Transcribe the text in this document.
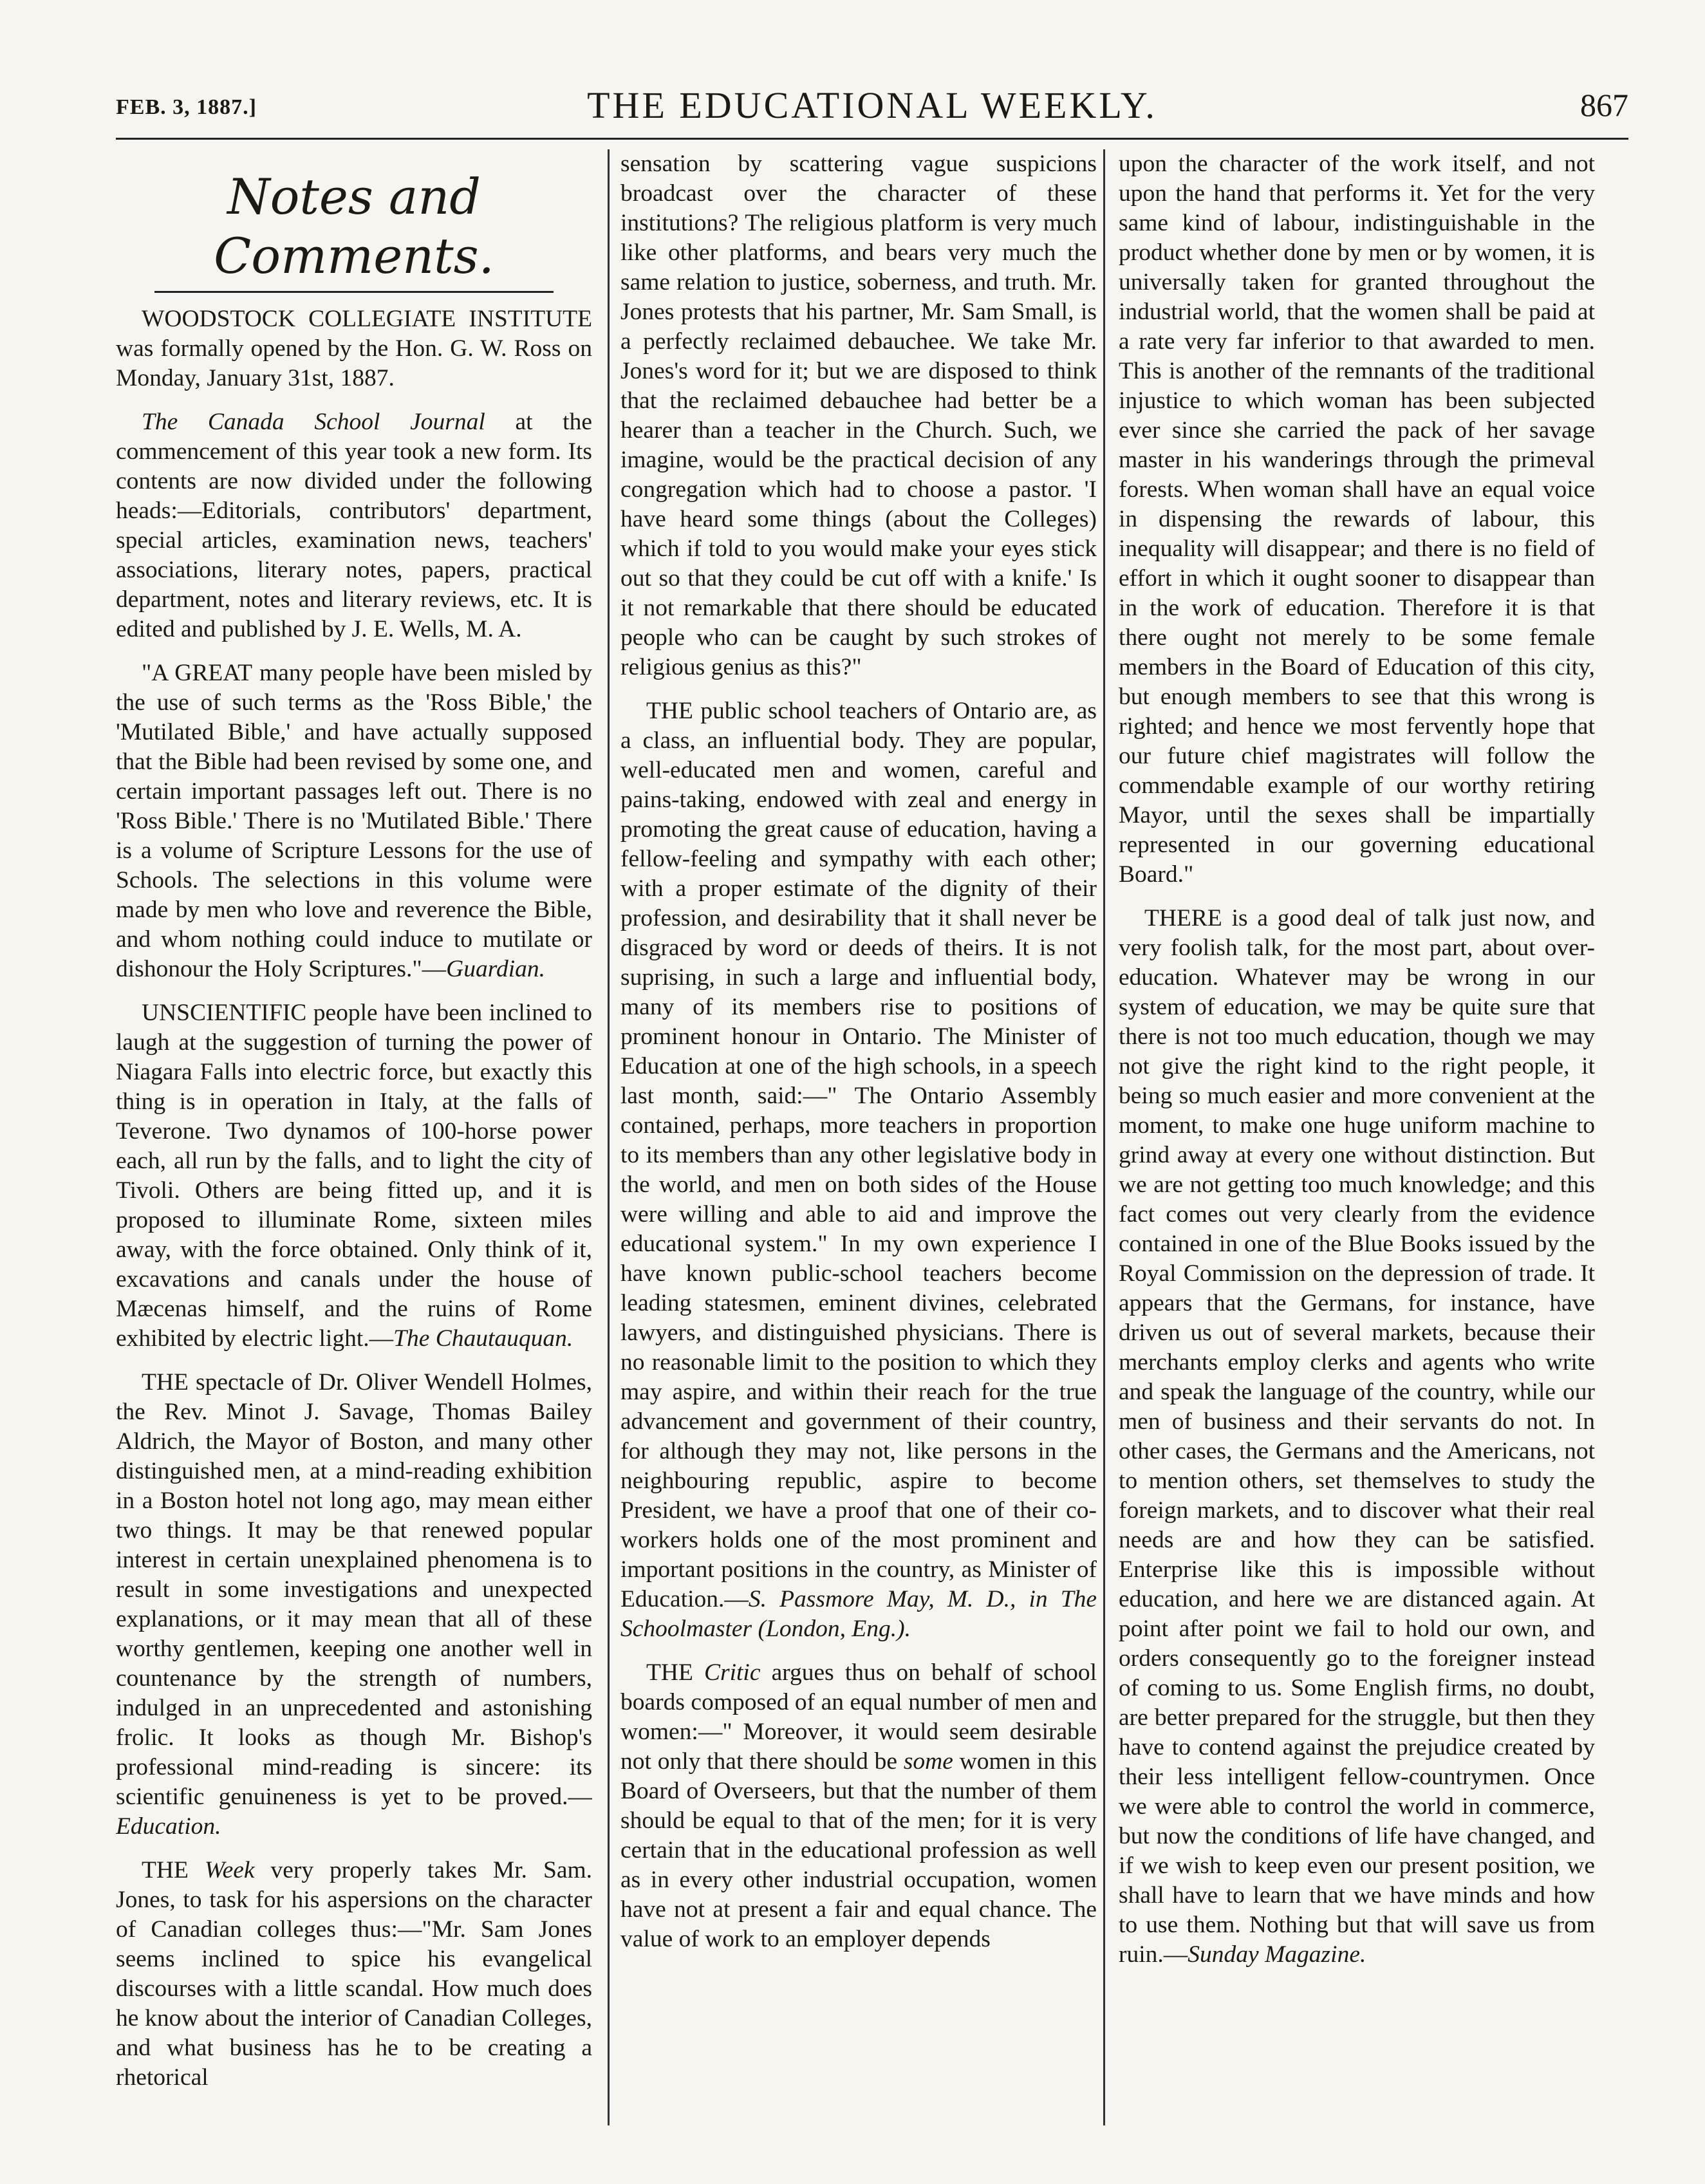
FEB. 3, 1887.]	THE EDUCATIONAL WEEKLY.	867
Notes and Comments.

WOODSTOCK COLLEGIATE INSTITUTE was formally opened by the Hon. G. W. Ross on Monday, January 31st, 1887.

The Canada School Journal at the commencement of this year took a new form. Its contents are now divided under the following heads:—Editorials, contributors' department, special articles, examination news, teachers' associations, literary notes, papers, practical department, notes and literary reviews, etc. It is edited and published by J. E. Wells, M. A.

"A GREAT many people have been misled by the use of such terms as the 'Ross Bible,' the 'Mutilated Bible,' and have actually supposed that the Bible had been revised by some one, and certain important passages left out. There is no 'Ross Bible.' There is no 'Mutilated Bible.' There is a volume of Scripture Lessons for the use of Schools. The selections in this volume were made by men who love and reverence the Bible, and whom nothing could induce to mutilate or dishonour the Holy Scriptures."—Guardian.

UNSCIENTIFIC people have been inclined to laugh at the suggestion of turning the power of Niagara Falls into electric force, but exactly this thing is in operation in Italy, at the falls of Teverone. Two dynamos of 100-horse power each, all run by the falls, and to light the city of Tivoli. Others are being fitted up, and it is proposed to illuminate Rome, sixteen miles away, with the force obtained. Only think of it, excavations and canals under the house of Mæcenas himself, and the ruins of Rome exhibited by electric light.—The Chautauquan.

THE spectacle of Dr. Oliver Wendell Holmes, the Rev. Minot J. Savage, Thomas Bailey Aldrich, the Mayor of Boston, and many other distinguished men, at a mind-reading exhibition in a Boston hotel not long ago, may mean either two things. It may be that renewed popular interest in certain unexplained phenomena is to result in some investigations and unexpected explanations, or it may mean that all of these worthy gentlemen, keeping one another well in countenance by the strength of numbers, indulged in an unprecedented and astonishing frolic. It looks as though Mr. Bishop's professional mind-reading is sincere: its scientific genuineness is yet to be proved.—Education.

THE Week very properly takes Mr. Sam. Jones, to task for his aspersions on the character of Canadian colleges thus:—"Mr. Sam Jones seems inclined to spice his evangelical discourses with a little scandal. How much does he know about the interior of Canadian Colleges, and what business has he to be creating a rhetorical

sensation by scattering vague suspicions broadcast over the character of these institutions? The religious platform is very much like other platforms, and bears very much the same relation to justice, soberness, and truth. Mr. Jones protests that his partner, Mr. Sam Small, is a perfectly reclaimed debauchee. We take Mr. Jones's word for it; but we are disposed to think that the reclaimed debauchee had better be a hearer than a teacher in the Church. Such, we imagine, would be the practical decision of any congregation which had to choose a pastor. 'I have heard some things (about the Colleges) which if told to you would make your eyes stick out so that they could be cut off with a knife.' Is it not remarkable that there should be educated people who can be caught by such strokes of religious genius as this?"

THE public school teachers of Ontario are, as a class, an influential body. They are popular, well-educated men and women, careful and pains-taking, endowed with zeal and energy in promoting the great cause of education, having a fellow-feeling and sympathy with each other; with a proper estimate of the dignity of their profession, and desirability that it shall never be disgraced by word or deeds of theirs. It is not suprising, in such a large and influential body, many of its members rise to positions of prominent honour in Ontario. The Minister of Education at one of the high schools, in a speech last month, said:—" The Ontario Assembly contained, perhaps, more teachers in proportion to its members than any other legislative body in the world, and men on both sides of the House were willing and able to aid and improve the educational system." In my own experience I have known public-school teachers become leading statesmen, eminent divines, celebrated lawyers, and distinguished physicians. There is no reasonable limit to the position to which they may aspire, and within their reach for the true advancement and government of their country, for although they may not, like persons in the neighbouring republic, aspire to become President, we have a proof that one of their co-workers holds one of the most prominent and important positions in the country, as Minister of Education.—S. Passmore May, M. D., in The Schoolmaster (London, Eng.).

THE Critic argues thus on behalf of school boards composed of an equal number of men and women:—" Moreover, it would seem desirable not only that there should be some women in this Board of Overseers, but that the number of them should be equal to that of the men; for it is very certain that in the educational profession as well as in every other industrial occupation, women have not at present a fair and equal chance. The value of work to an employer depends

upon the character of the work itself, and not upon the hand that performs it. Yet for the very same kind of labour, indistinguishable in the product whether done by men or by women, it is universally taken for granted throughout the industrial world, that the women shall be paid at a rate very far inferior to that awarded to men. This is another of the remnants of the traditional injustice to which woman has been subjected ever since she carried the pack of her savage master in his wanderings through the primeval forests. When woman shall have an equal voice in dispensing the rewards of labour, this inequality will disappear; and there is no field of effort in which it ought sooner to disappear than in the work of education. Therefore it is that there ought not merely to be some female members in the Board of Education of this city, but enough members to see that this wrong is righted; and hence we most fervently hope that our future chief magistrates will follow the commendable example of our worthy retiring Mayor, until the sexes shall be impartially represented in our governing educational Board."

THERE is a good deal of talk just now, and very foolish talk, for the most part, about over-education. Whatever may be wrong in our system of education, we may be quite sure that there is not too much education, though we may not give the right kind to the right people, it being so much easier and more convenient at the moment, to make one huge uniform machine to grind away at every one without distinction. But we are not getting too much knowledge; and this fact comes out very clearly from the evidence contained in one of the Blue Books issued by the Royal Commission on the depression of trade. It appears that the Germans, for instance, have driven us out of several markets, because their merchants employ clerks and agents who write and speak the language of the country, while our men of business and their servants do not. In other cases, the Germans and the Americans, not to mention others, set themselves to study the foreign markets, and to discover what their real needs are and how they can be satisfied. Enterprise like this is impossible without education, and here we are distanced again. At point after point we fail to hold our own, and orders consequently go to the foreigner instead of coming to us. Some English firms, no doubt, are better prepared for the struggle, but then they have to contend against the prejudice created by their less intelligent fellow-countrymen. Once we were able to control the world in commerce, but now the conditions of life have changed, and if we wish to keep even our present position, we shall have to learn that we have minds and how to use them. Nothing but that will save us from ruin.—Sunday Magazine.
